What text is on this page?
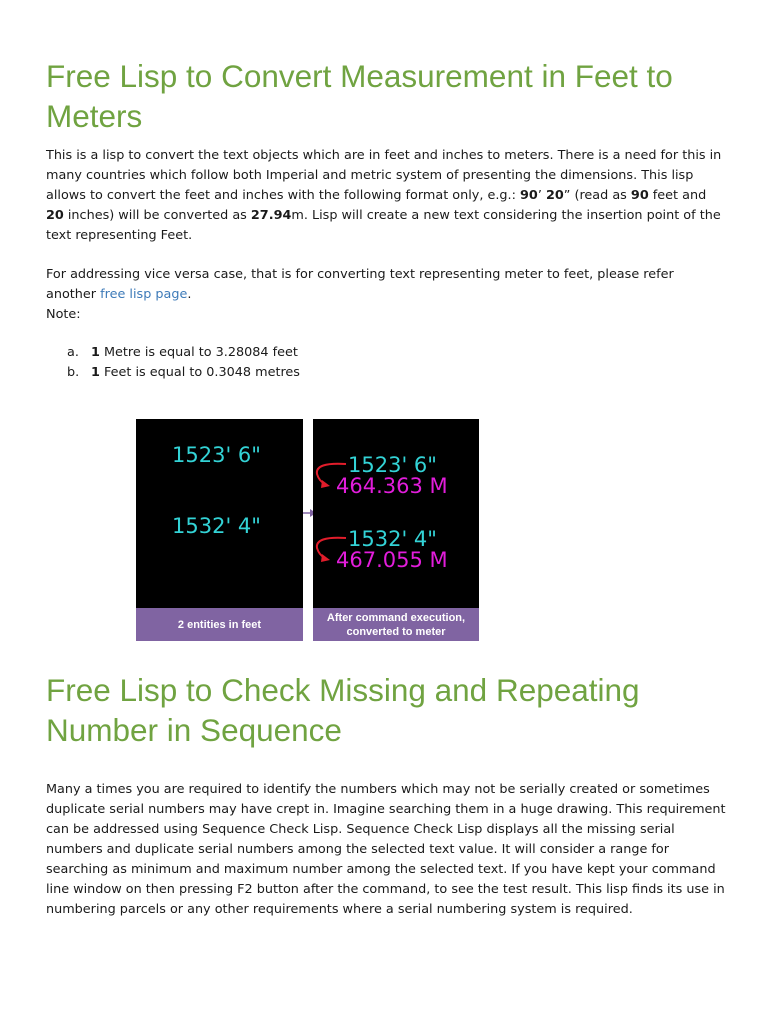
Free Lisp to Convert Measurement in Feet to Meters

This is a lisp to convert the text objects which are in feet and inches to meters. There is a need for this in many countries which follow both Imperial and metric system of presenting the dimensions. This lisp allows to convert the feet and inches with the following format only, e.g.: 90’ 20” (read as 90 feet and 20 inches) will be converted as 27.94m. Lisp will create a new text considering the insertion point of the text representing Feet.

For addressing vice versa case, that is for converting text representing meter to feet, please refer another free lisp page.
Note:

a. 1 Metre is equal to 3.28084 feet
b. 1 Feet is equal to 0.3048 metres
Free Lisp to Check Missing and Repeating Number in Sequence

Many a times you are required to identify the numbers which may not be serially created or sometimes duplicate serial numbers may have crept in. Imagine searching them in a huge drawing. This requirement can be addressed using Sequence Check Lisp. Sequence Check Lisp displays all the missing serial numbers and duplicate serial numbers among the selected text value. It will consider a range for searching as minimum and maximum number among the selected text. If you have kept your command line window on then pressing F2 button after the command, to see the test result. This lisp finds its use in numbering parcels or any other requirements where a serial numbering system is required.

1523' 6"
1532' 4"
2 entities in feet
1523' 6"
464.363 M
1532' 4"
467.055 M
After command execution, converted to meter
